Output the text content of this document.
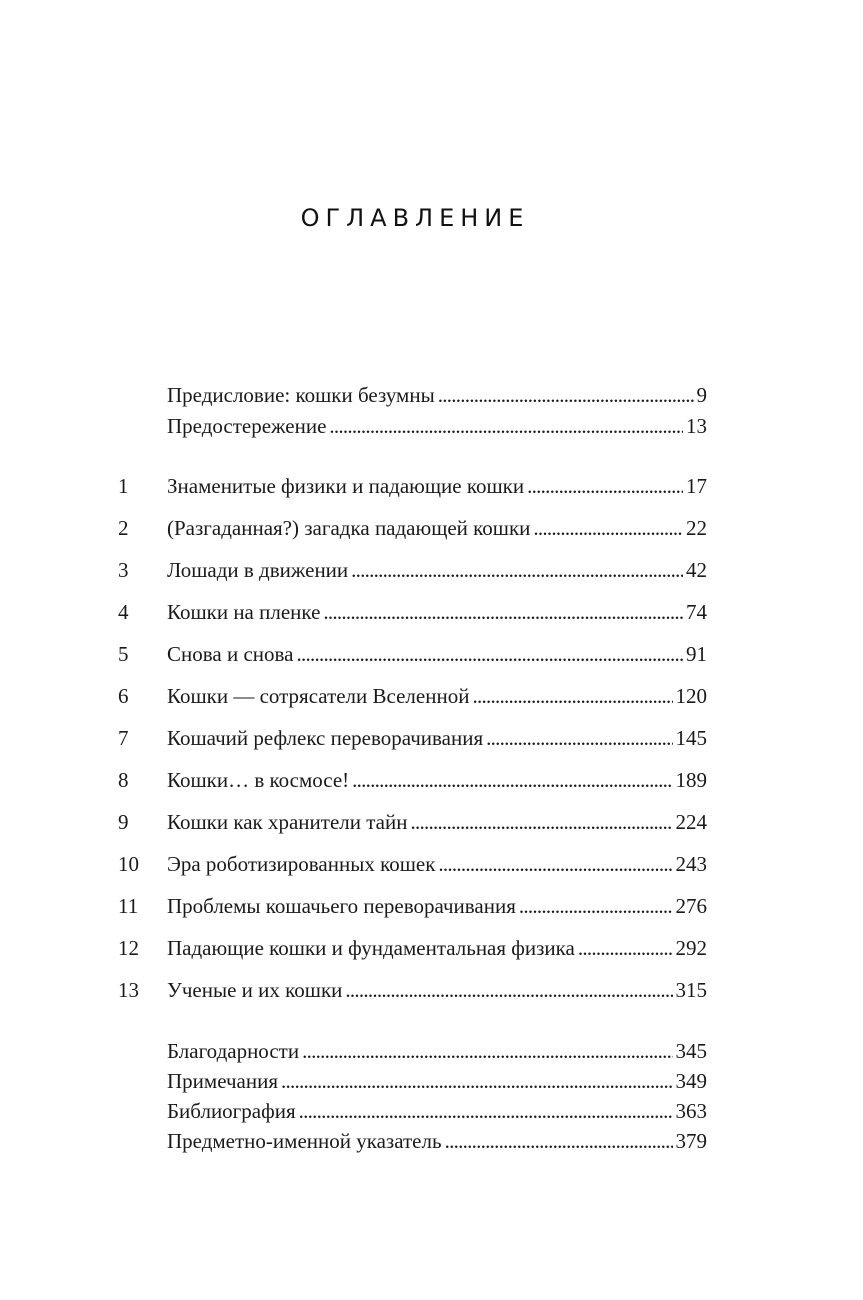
ОГЛАВЛЕНИЕ
Предисловие: кошки безумны . . .	9
Предостережение . . .	13
1 Знаменитые физики и падающие кошки . . .	17
2 (Разгаданная?) загадка падающей кошки . . .	22
3 Лошади в движении . . .	42
4 Кошки на пленке . . .	74
5 Снова и снова . . .	91
6 Кошки — сотрясатели Вселенной . . .	120
7 Кошачий рефлекс переворачивания . . .	145
8 Кошки… в космосе! . . .	189
9 Кошки как хранители тайн . . .	224
10 Эра роботизированных кошек . . .	243
11 Проблемы кошачьего переворачивания . . .	276
12 Падающие кошки и фундаментальная физика . . .	292
13 Ученые и их кошки . . .	315
Благодарности . . .	345
Примечания . . .	349
Библиография . . .	363
Предметно-именной указатель . . .	379
